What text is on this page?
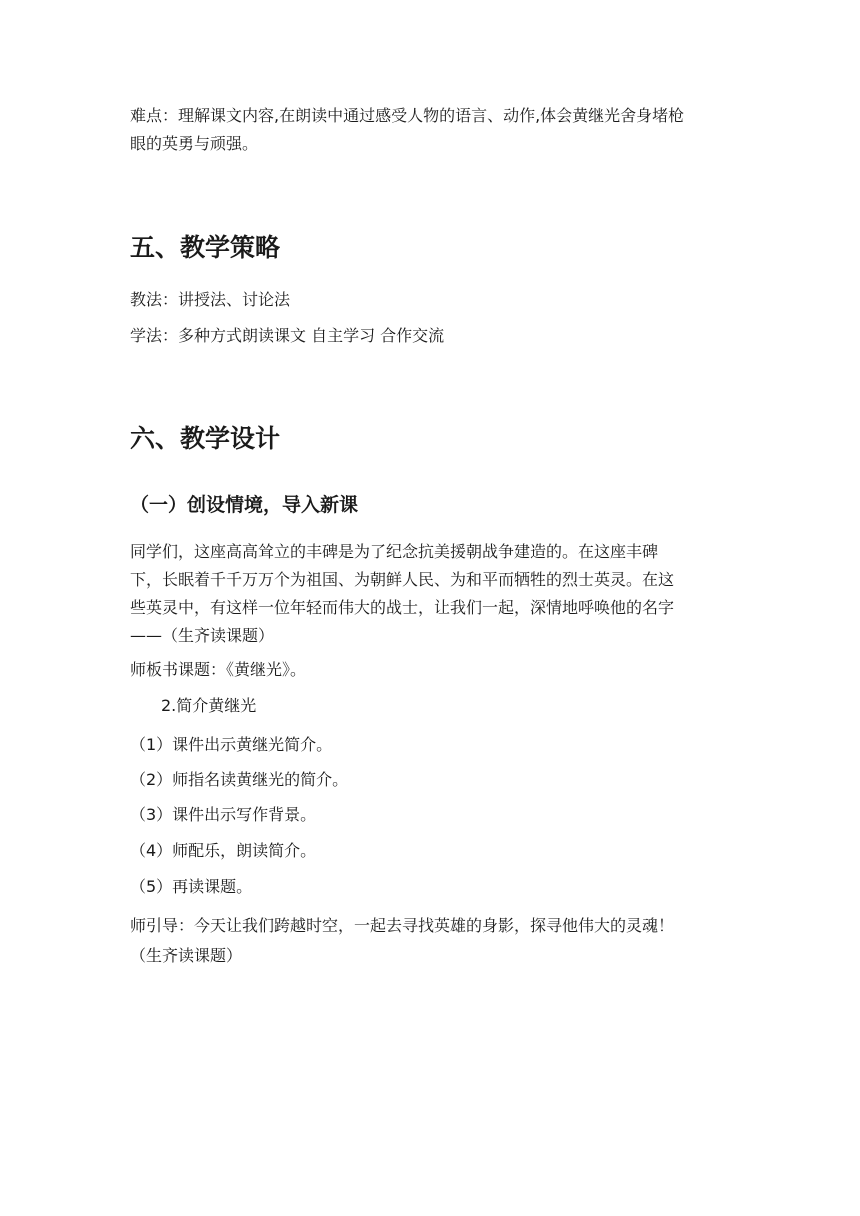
难点：理解课文内容,在朗读中通过感受人物的语言、动作,体会黄继光舍身堵枪
眼的英勇与顽强。
五、教学策略
教法：讲授法、讨论法
学法：多种方式朗读课文 自主学习 合作交流
六、教学设计
（一）创设情境，导入新课
同学们，这座高高耸立的丰碑是为了纪念抗美援朝战争建造的。在这座丰碑
下，长眠着千千万万个为祖国、为朝鲜人民、为和平而牺牲的烈士英灵。在这
些英灵中，有这样一位年轻而伟大的战士，让我们一起，深情地呼唤他的名字
——（生齐读课题）
师板书课题：《黄继光》。
2.简介黄继光
（1）课件出示黄继光简介。
（2）师指名读黄继光的简介。
（3）课件出示写作背景。
（4）师配乐，朗读简介。
（5）再读课题。
师引导：今天让我们跨越时空，一起去寻找英雄的身影，探寻他伟大的灵魂！
（生齐读课题）
